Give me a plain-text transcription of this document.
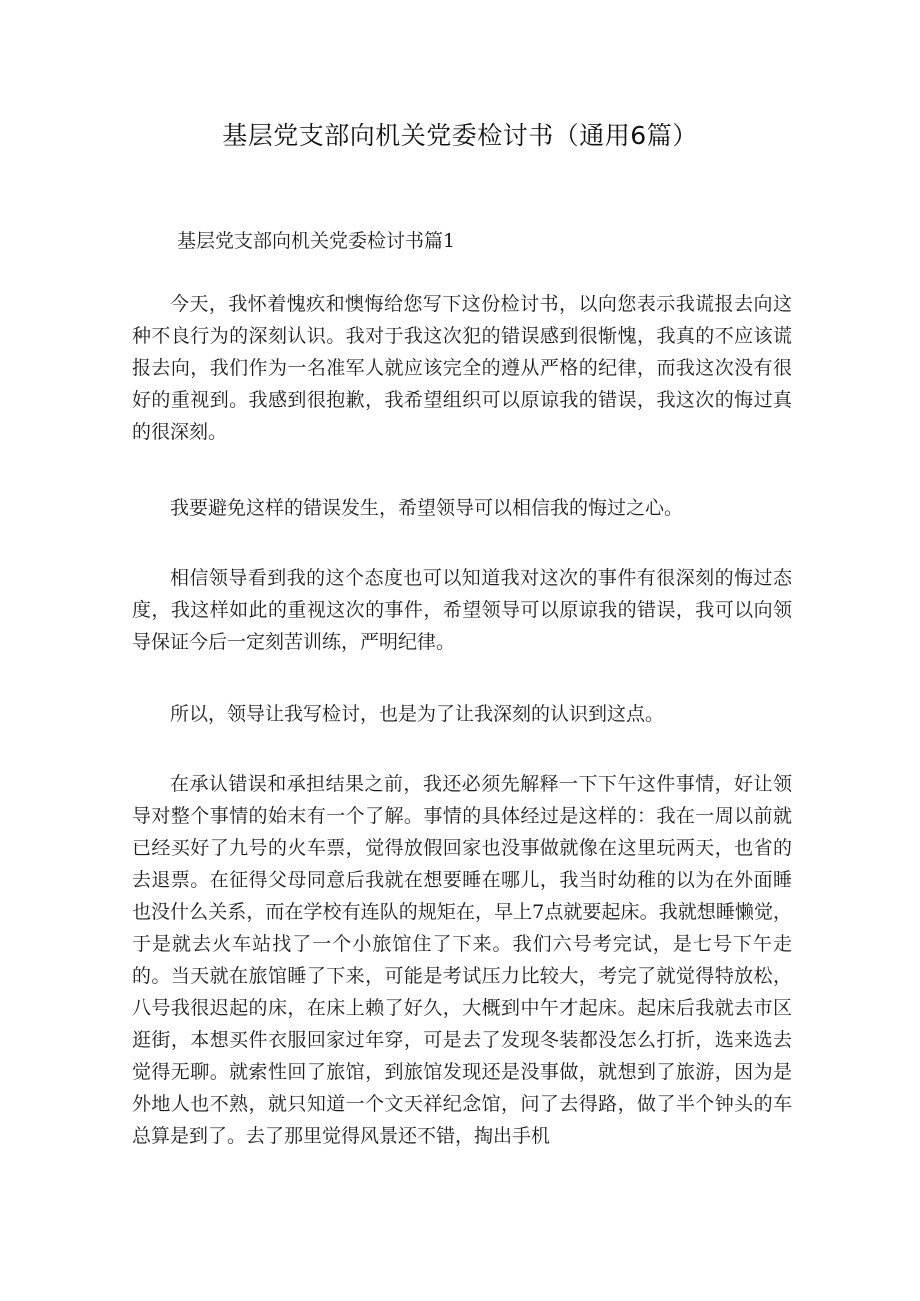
基层党支部向机关党委检讨书（通用6篇）

基层党支部向机关党委检讨书篇1

今天，我怀着愧疚和懊悔给您写下这份检讨书，以向您表示我谎报去向这种不良行为的深刻认识。我对于我这次犯的错误感到很惭愧，我真的不应该谎报去向，我们作为一名准军人就应该完全的遵从严格的纪律，而我这次没有很好的重视到。我感到很抱歉，我希望组织可以原谅我的错误，我这次的悔过真的很深刻。

我要避免这样的错误发生，希望领导可以相信我的悔过之心。

相信领导看到我的这个态度也可以知道我对这次的事件有很深刻的悔过态度，我这样如此的重视这次的事件，希望领导可以原谅我的错误，我可以向领导保证今后一定刻苦训练，严明纪律。

所以，领导让我写检讨，也是为了让我深刻的认识到这点。

在承认错误和承担结果之前，我还必须先解释一下下午这件事情，好让领导对整个事情的始末有一个了解。事情的具体经过是这样的：我在一周以前就已经买好了九号的火车票，觉得放假回家也没事做就像在这里玩两天，也省的去退票。在征得父母同意后我就在想要睡在哪儿，我当时幼稚的以为在外面睡也没什么关系，而在学校有连队的规矩在，早上7点就要起床。我就想睡懒觉，于是就去火车站找了一个小旅馆住了下来。我们六号考完试，是七号下午走的。当天就在旅馆睡了下来，可能是考试压力比较大，考完了就觉得特放松，八号我很迟起的床，在床上赖了好久，大概到中午才起床。起床后我就去市区逛街，本想买件衣服回家过年穿，可是去了发现冬装都没怎么打折，选来选去觉得无聊。就索性回了旅馆，到旅馆发现还是没事做，就想到了旅游，因为是外地人也不熟，就只知道一个文天祥纪念馆，问了去得路，做了半个钟头的车总算是到了。去了那里觉得风景还不错，掏出手机
